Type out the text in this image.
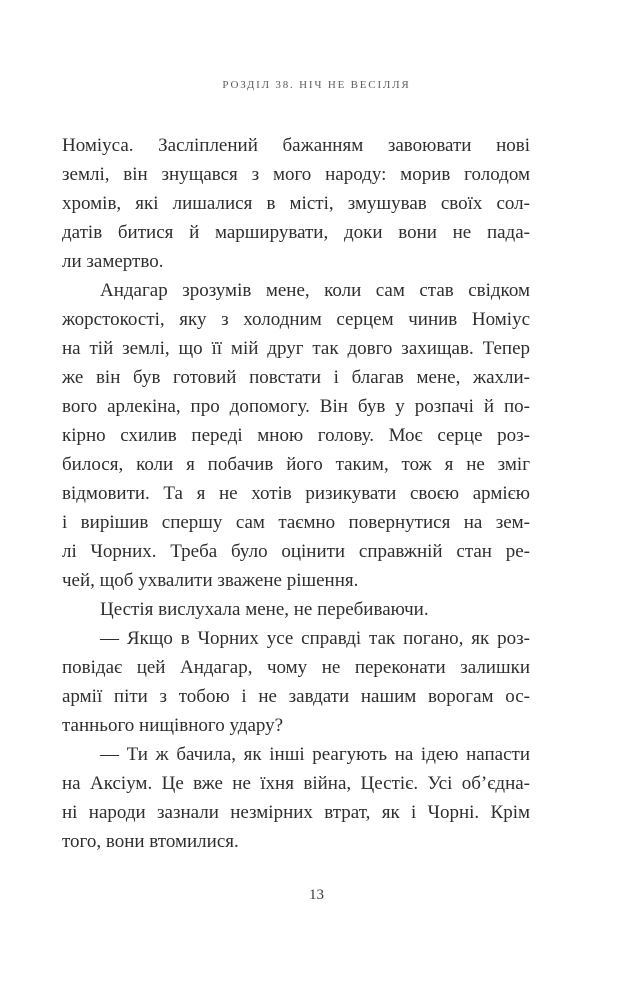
РОЗДІЛ 38. НІЧ НЕ ВЕСІЛЛЯ
Номіуса. Засліплений бажанням завоювати нові
землі, він знущався з мого народу: морив голодом
хромів, які лишалися в місті, змушував своїх сол-
датів битися й марширувати, доки вони не пада-
ли замертво.
Андагар зрозумів мене, коли сам став свідком
жорстокості, яку з холодним серцем чинив Номіус
на тій землі, що її мій друг так довго захищав. Тепер
же він був готовий повстати і благав мене, жахли-
вого арлекіна, про допомогу. Він був у розпачі й по-
кірно схилив переді мною голову. Моє серце роз-
билося, коли я побачив його таким, тож я не зміг
відмовити. Та я не хотів ризикувати своєю армією
і вирішив спершу сам таємно повернутися на зем-
лі Чорних. Треба було оцінити справжній стан ре-
чей, щоб ухвалити зважене рішення.
Цестія вислухала мене, не перебиваючи.
— Якщо в Чорних усе справді так погано, як роз-
повідає цей Андагар, чому не переконати залишки
армії піти з тобою і не завдати нашим ворогам ос-
таннього нищівного удару?
— Ти ж бачила, як інші реагують на ідею напасти
на Аксіум. Це вже не їхня війна, Цестіє. Усі об’єдна-
ні народи зазнали незмірних втрат, як і Чорні. Крім
того, вони втомилися.
13
